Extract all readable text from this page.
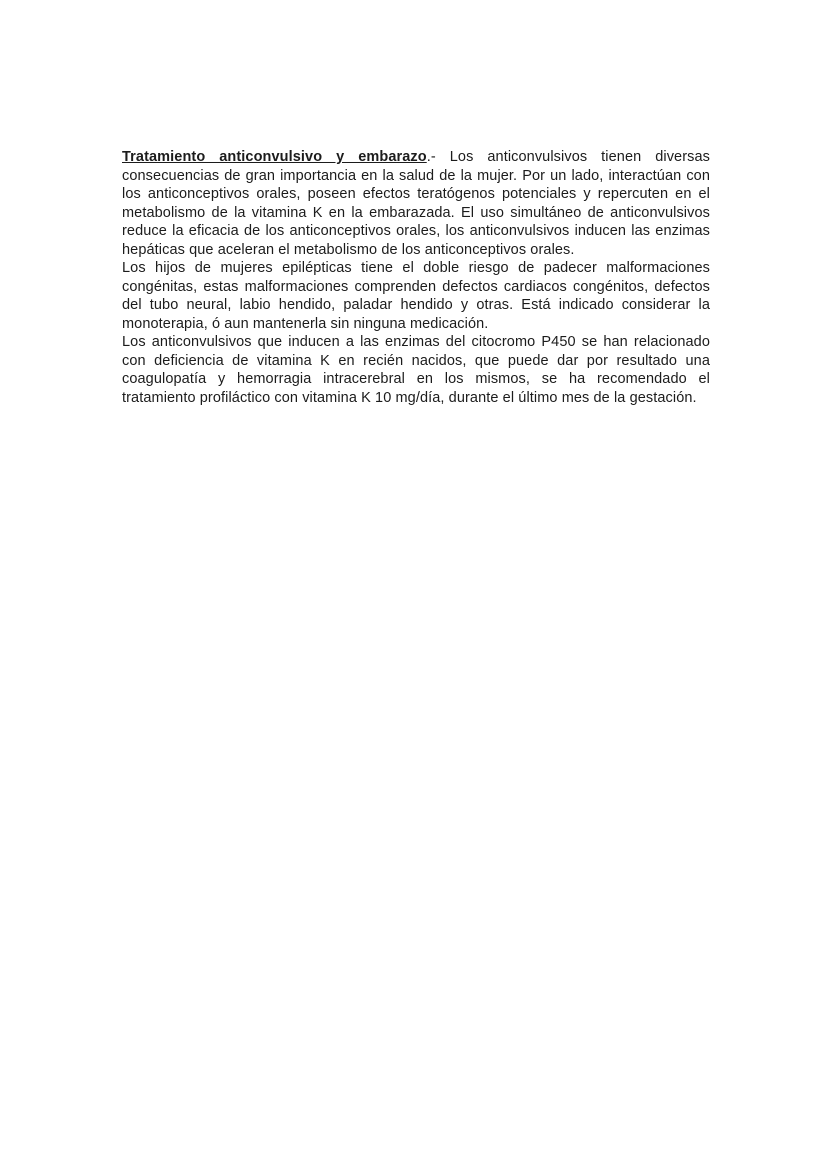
Tratamiento anticonvulsivo y embarazo.- Los anticonvulsivos tienen diversas consecuencias de gran importancia en la salud de la mujer. Por un lado, interactúan con los anticonceptivos orales, poseen efectos teratógenos potenciales y repercuten en el metabolismo de la vitamina K en la embarazada. El uso simultáneo de anticonvulsivos reduce la eficacia de los anticonceptivos orales, los anticonvulsivos inducen las enzimas hepáticas que aceleran el metabolismo de los anticonceptivos orales.

Los hijos de mujeres epilépticas tiene el doble riesgo de padecer malformaciones congénitas, estas malformaciones comprenden defectos cardiacos congénitos, defectos del tubo neural, labio hendido, paladar hendido y otras. Está indicado considerar la monoterapia, ó aun mantenerla sin ninguna medicación.

Los anticonvulsivos que inducen a las enzimas del citocromo P450 se han relacionado con deficiencia de vitamina K en recién nacidos, que puede dar por resultado una coagulopatía y hemorragia intracerebral en los mismos, se ha recomendado el tratamiento profiláctico con vitamina K 10 mg/día, durante el último mes de la gestación.
